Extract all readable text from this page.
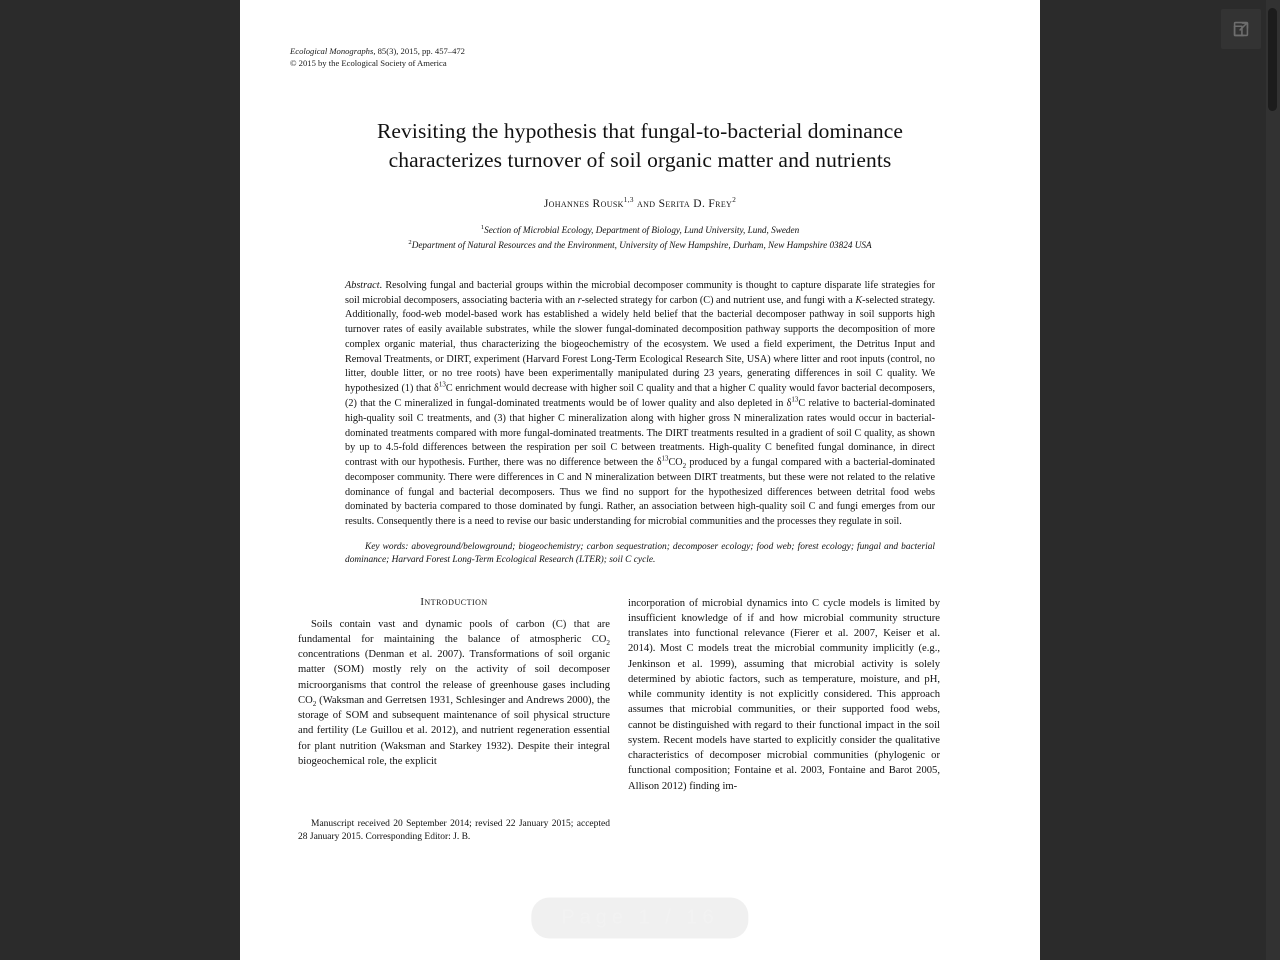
Ecological Monographs, 85(3), 2015, pp. 457–472
© 2015 by the Ecological Society of America
Revisiting the hypothesis that fungal-to-bacterial dominance
characterizes turnover of soil organic matter and nutrients
Johannes Rousk$^{1,3}$ and Serita D. Frey$^2$
$^1$Section of Microbial Ecology, Department of Biology, Lund University, Lund, Sweden
$^2$Department of Natural Resources and the Environment, University of New Hampshire, Durham, New Hampshire 03824 USA
Abstract . Resolving fungal and bacterial groups within the microbial decomposer community is thought to capture disparate life strategies for soil microbial decomposers, associating bacteria with an r-selected strategy for carbon (C) and nutrient use, and fungi with a K-selected strategy. Additionally, food-web model-based work has established a widely held belief that the bacterial decomposer pathway in soil supports high turnover rates of easily available substrates, while the slower fungal-dominated decomposition pathway supports the decomposition of more complex organic material, thus characterizing the biogeochemistry of the ecosystem. We used a field experiment, the Detritus Input and Removal Treatments, or DIRT, experiment (Harvard Forest Long-Term Ecological Research Site, USA) where litter and root inputs (control, no litter, double litter, or no tree roots) have been experimentally manipulated during 23 years, generating differences in soil C quality. We hypothesized (1) that $\delta^{13}C$ enrichment would decrease with higher soil C quality and that a higher C quality would favor bacterial decomposers, (2) that the C mineralized in fungal-dominated treatments would be of lower quality and also depleted in $\delta^{13}C$ relative to bacterial-dominated high-quality soil C treatments, and (3) that higher C mineralization along with higher gross N mineralization rates would occur in bacterial-dominated treatments compared with more fungal-dominated treatments. The DIRT treatments resulted in a gradient of soil C quality, as shown by up to 4.5-fold differences between the respiration per soil C between treatments. High-quality C benefited fungal dominance, in direct contrast with our hypothesis. Further, there was no difference between the $\delta^{13}CO_2$ produced by a fungal compared with a bacterial-dominated decomposer community. There were differences in C and N mineralization between DIRT treatments, but these were not related to the relative dominance of fungal and bacterial decomposers. Thus we find no support for the hypothesized differences between detrital food webs dominated by bacteria compared to those dominated by fungi. Rather, an association between high-quality soil C and fungi emerges from our results. Consequently there is a need to revise our basic understanding for microbial communities and the processes they regulate in soil.
Key words: aboveground/belowground; biogeochemistry; carbon sequestration; decomposer ecology; food web; forest ecology; fungal and bacterial dominance; Harvard Forest Long-Term Ecological Research (LTER); soil C cycle.
Introduction

Soils contain vast and dynamic pools of carbon (C) that are fundamental for maintaining the balance of atmospheric $CO_2$ concentrations (Denman et al. 2007). Transformations of soil organic matter (SOM) mostly rely on the activity of soil decomposer microorganisms that control the release of greenhouse gases including $CO_2$ (Waksman and Gerretsen 1931, Schlesinger and Andrews 2000), the storage of SOM and subsequent maintenance of soil physical structure and fertility (Le Guillou et al. 2012), and nutrient regeneration essential for plant nutrition (Waksman and Starkey 1932). Despite their integral biogeochemical role, the explicit

Manuscript received 20 September 2014; revised 22 January 2015; accepted 28 January 2015. Corresponding Editor: J. B.

incorporation of microbial dynamics into C cycle models is limited by insufficient knowledge of if and how microbial community structure translates into functional relevance (Fierer et al. 2007, Keiser et al. 2014). Most C models treat the microbial community implicitly (e.g., Jenkinson et al. 1999), assuming that microbial activity is solely determined by abiotic factors, such as temperature, moisture, and pH, while community identity is not explicitly considered. This approach assumes that microbial communities, or their supported food webs, cannot be distinguished with regard to their functional impact in the soil system. Recent models have started to explicitly consider the qualitative characteristics of decomposer microbial communities (phylogenic or functional composition; Fontaine et al. 2003, Fontaine and Barot 2005, Allison 2012) finding im-

Page 1 / 16
